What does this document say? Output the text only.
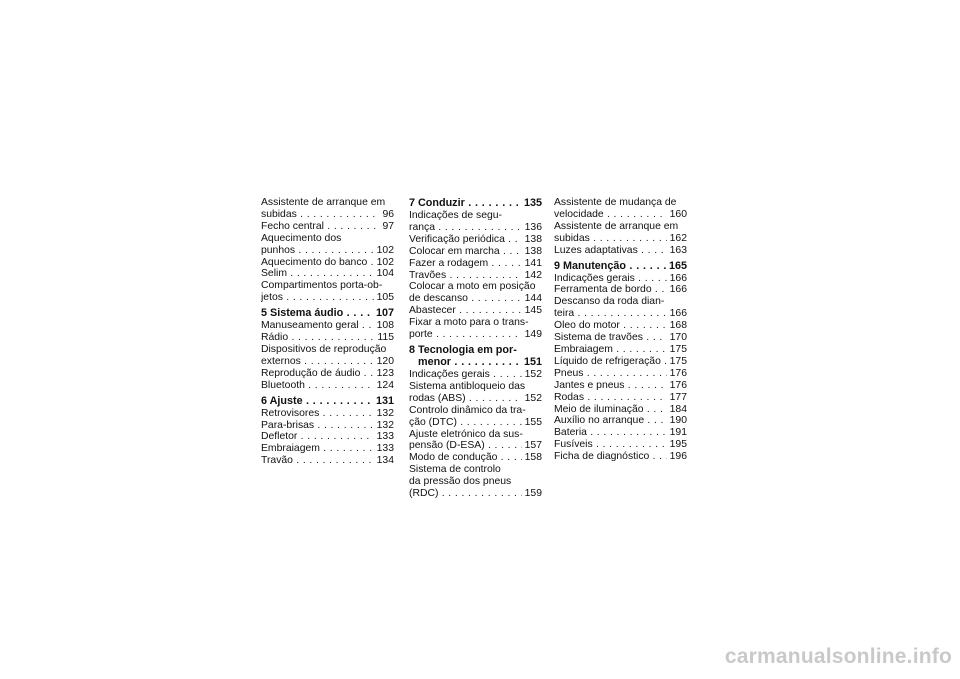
Assistente de arranque em
subidas . . .	96
Fecho central . . .	97
Aquecimento dos
punhos . . .	102
Aquecimento do banco . . . 102
Selim . . .	104
Compartimentos porta-ob-
jetos . . .	105
5 Sistema áudio . . .	107
Manuseamento geral . . .	108
Rádio . . .	115
Dispositivos de reprodução
externos . . .	120
Reprodução de áudio . . .	123
Bluetooth . . .	124
6 Ajuste . . .	131
Retrovisores . . .	132
Para-brisas . . .	132
Defletor . . .	133
Embraiagem . . .	133
Travão . . .	134
7 Conduzir . . .	135
Indicações de segu-
rança . . .	136
Verificação periódica . . .	138
Colocar em marcha . . .	138
Fazer a rodagem . . .	141
Travões . . .	142
Colocar a moto em posição
de descanso . . .	144
Abastecer . . .	145
Fixar a moto para o trans-
porte . . .	149
8 Tecnologia em por-
menor . . .	151
Indicações gerais . . .	152
Sistema antibloqueio das
rodas (ABS) . . .	152
Controlo dinâmico da tra-
ção (DTC) . . .	155
Ajuste eletrónico da sus-
pensão (D-ESA) . . .	157
Modo de condução . . .	158
Sistema de controlo
da pressão dos pneus
(RDC) . . .	159
Assistente de mudança de
velocidade . . .	160
Assistente de arranque em
subidas . . .	162
Luzes adaptativas . . .	163
9 Manutenção . . .	165
Indicações gerais . . .	166
Ferramenta de bordo . . .	166
Descanso da roda dian-
teira . . .	166
Óleo do motor . . .	168
Sistema de travões . . .	170
Embraiagem . . .	175
Líquido de refrigeração . . . 175
Pneus . . .	176
Jantes e pneus . . .	176
Rodas . . .	177
Meio de iluminação . . .	184
Auxílio no arranque . . .	190
Bateria . . .	191
Fusíveis . . .	195
Ficha de diagnóstico . . .	196
carmanualsonline.info
